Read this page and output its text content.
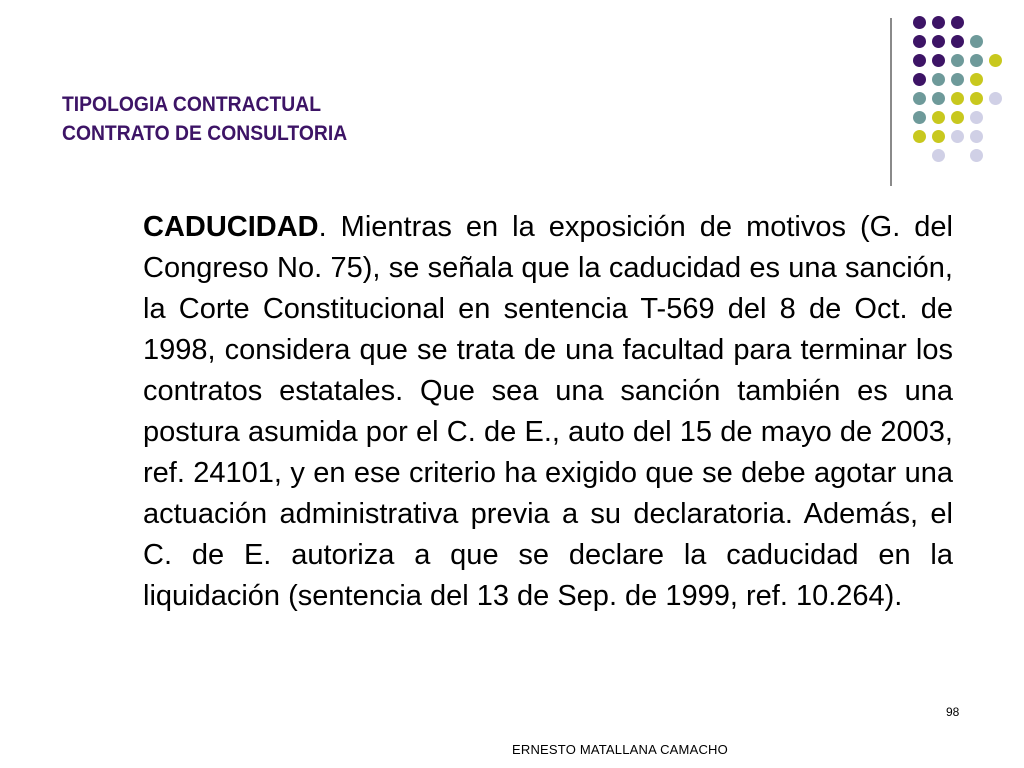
TIPOLOGIA CONTRACTUAL
CONTRATO DE CONSULTORIA
CADUCIDAD. Mientras en la exposición de motivos (G. del Congreso No. 75), se señala que la caducidad es una sanción, la Corte Constitucional en sentencia T-569 del 8 de Oct. de 1998, considera que se trata de una facultad para terminar los contratos estatales. Que sea una sanción también es una postura asumida por el C. de E., auto del 15 de mayo de 2003, ref. 24101, y en ese criterio ha exigido que se debe agotar una actuación administrativa previa a su declaratoria. Además, el C. de E. autoriza a que se declare la caducidad en la liquidación (sentencia del 13 de Sep. de 1999, ref. 10.264).
98
ERNESTO MATALLANA CAMACHO
